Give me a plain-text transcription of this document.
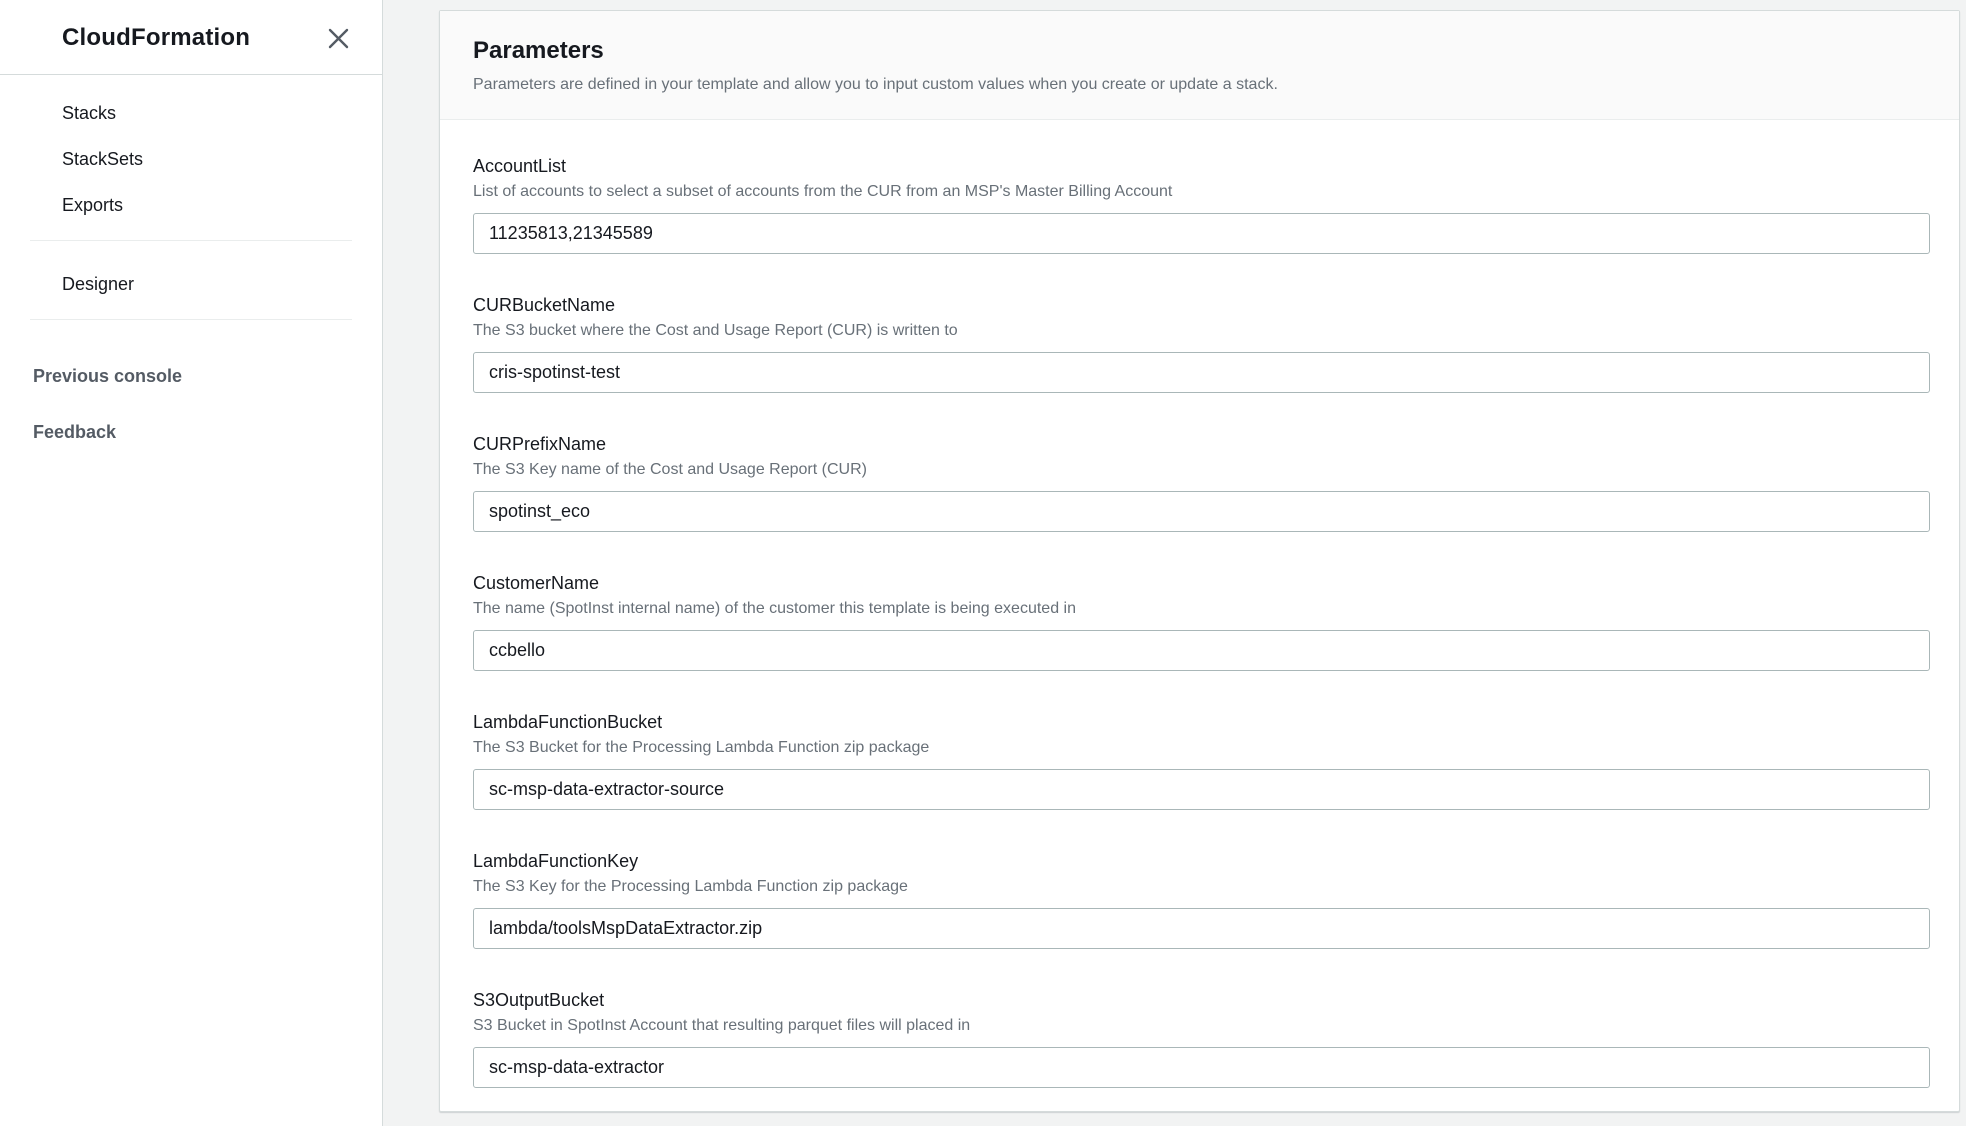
CloudFormation
Stacks
StackSets
Exports
Designer
Previous console
Feedback
Parameters
Parameters are defined in your template and allow you to input custom values when you create or update a stack.
AccountList
List of accounts to select a subset of accounts from the CUR from an MSP's Master Billing Account
11235813,21345589
CURBucketName
The S3 bucket where the Cost and Usage Report (CUR) is written to
cris-spotinst-test
CURPrefixName
The S3 Key name of the Cost and Usage Report (CUR)
spotinst_eco
CustomerName
The name (SpotInst internal name) of the customer this template is being executed in
ccbello
LambdaFunctionBucket
The S3 Bucket for the Processing Lambda Function zip package
sc-msp-data-extractor-source
LambdaFunctionKey
The S3 Key for the Processing Lambda Function zip package
lambda/toolsMspDataExtractor.zip
S3OutputBucket
S3 Bucket in SpotInst Account that resulting parquet files will placed in
sc-msp-data-extractor
